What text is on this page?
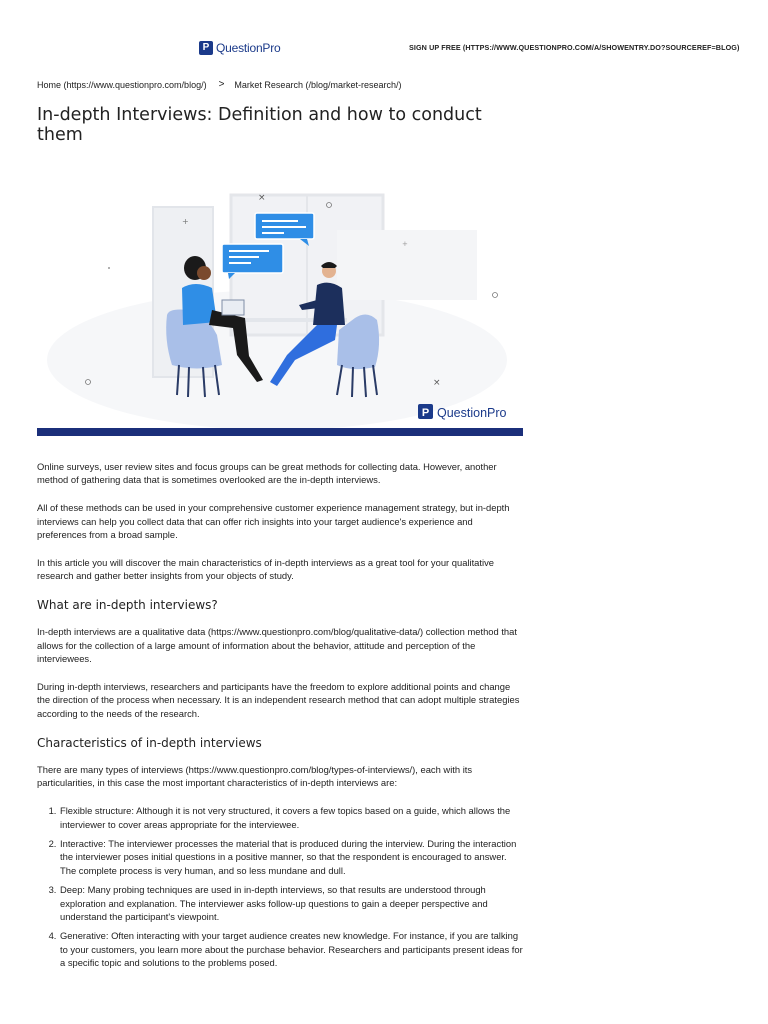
P QuestionPro	SIGN UP FREE (HTTPS://WWW.QUESTIONPRO.COM/A/SHOWENTRY.DO?SOURCEREF=BLOG)
Home (https://www.questionpro.com/blog/) > Market Research (/blog/market-research/)
In-depth Interviews: Definition and how to conduct them
×
+
+
×
P QuestionPro

Online surveys, user review sites and focus groups can be great methods for collecting data. However, another method of gathering data that is sometimes overlooked are the in-depth interviews.

All of these methods can be used in your comprehensive customer experience management strategy, but in-depth interviews can help you collect data that can offer rich insights into your target audience's experience and preferences from a broad sample.

In this article you will discover the main characteristics of in-depth interviews as a great tool for your qualitative research and gather better insights from your objects of study.

What are in-depth interviews?

In-depth interviews are a qualitative data (https://www.questionpro.com/blog/qualitative-data/) collection method that allows for the collection of a large amount of information about the behavior, attitude and perception of the interviewees.

During in-depth interviews, researchers and participants have the freedom to explore additional points and change the direction of the process when necessary. It is an independent research method that can adopt multiple strategies according to the needs of the research.

Characteristics of in-depth interviews

There are many types of interviews (https://www.questionpro.com/blog/types-of-interviews/), each with its particularities, in this case the most important characteristics of in-depth interviews are:

1. Flexible structure: Although it is not very structured, it covers a few topics based on a guide, which allows the interviewer to cover areas appropriate for the interviewee.
2. Interactive: The interviewer processes the material that is produced during the interview. During the interaction the interviewer poses initial questions in a positive manner, so that the respondent is encouraged to answer. The complete process is very human, and so less mundane and dull.
3. Deep: Many probing techniques are used in in-depth interviews, so that results are understood through exploration and explanation. The interviewer asks follow-up questions to gain a deeper perspective and understand the participant's viewpoint.
4. Generative: Often interacting with your target audience creates new knowledge. For instance, if you are talking to your customers, you learn more about the purchase behavior. Researchers and participants present ideas for a specific topic and solutions to the problems posed.
